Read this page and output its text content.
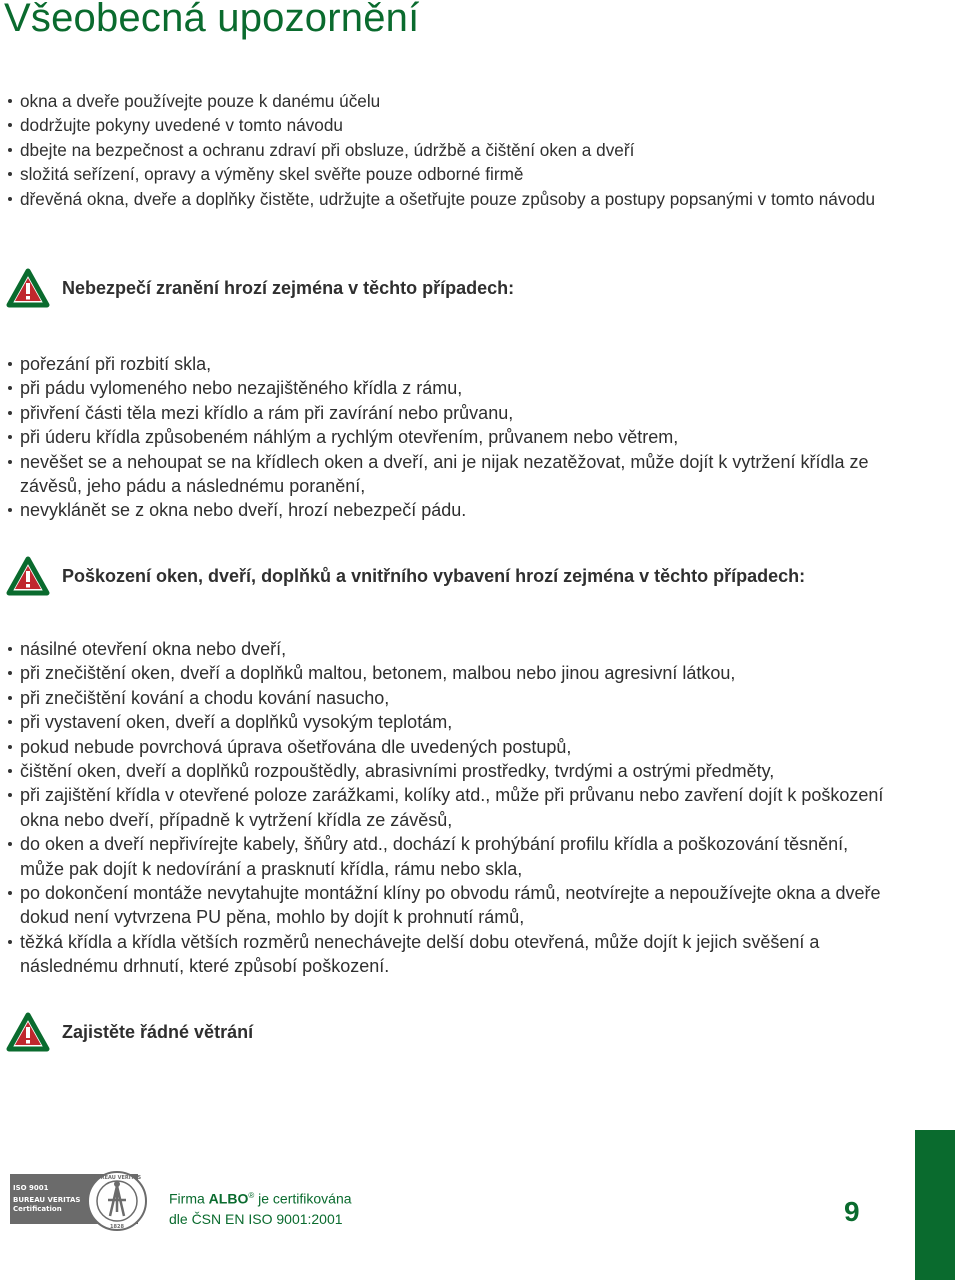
Všeobecná upozornění
okna a dveře používejte pouze k danému účelu
dodržujte pokyny uvedené v tomto návodu
dbejte na bezpečnost a ochranu zdraví při obsluze, údržbě a čištění oken a dveří
složitá seřízení, opravy a výměny skel svěřte pouze odborné firmě
dřevěná okna, dveře a doplňky čistěte, udržujte a ošetřujte pouze způsoby a postupy popsanými v tomto návodu
Nebezpečí zranění hrozí zejména v těchto případech:
pořezání při rozbití skla,
při pádu vylomeného nebo nezajištěného křídla z rámu,
přivření části těla mezi křídlo a rám při zavírání nebo průvanu,
při úderu křídla způsobeném náhlým a rychlým otevřením, průvanem nebo větrem,
nevěšet se a nehoupat se na křídlech oken a dveří, ani je nijak nezatěžovat, může dojít k vytržení křídla ze závěsů, jeho pádu a následnému poranění,
nevyklánět se z okna nebo dveří, hrozí nebezpečí pádu.
Poškození oken, dveří, doplňků a vnitřního vybavení hrozí zejména v těchto případech:
násilné otevření okna nebo dveří,
při znečištění oken, dveří a doplňků maltou, betonem, malbou nebo jinou agresivní látkou,
při znečištění kování a chodu kování nasucho,
při vystavení oken, dveří a doplňků vysokým teplotám,
pokud nebude povrchová úprava ošetřována dle uvedených postupů,
čištění oken, dveří a doplňků rozpouštědly, abrasivními prostředky, tvrdými a ostrými předměty,
při zajištění křídla v otevřené poloze zarážkami, kolíky atd., může při průvanu nebo zavření dojít k poškození okna nebo dveří, případně k vytržení křídla ze závěsů,
do oken a dveří nepřivírejte kabely, šňůry atd., dochází k prohýbání profilu křídla a poškozování těsnění, může pak dojít k nedovírání a prasknutí křídla, rámu nebo skla,
po dokončení montáže nevytahujte montážní klíny po obvodu rámů, neotvírejte a nepoužívejte okna a dveře dokud není vytvrzena PU pěna, mohlo by dojít k prohnutí rámů,
těžká křídla a křídla větších rozměrů nenechávejte delší dobu otevřená, může dojít k jejich svěšení a následnému drhnutí, které způsobí poškození.
Zajistěte řádné větrání
ISO 9001
BUREAU VERITAS
Certification
BUREAU VERITAS
1828
Firma ALBO® je certifikována
dle ČSN EN ISO 9001:2001	9
